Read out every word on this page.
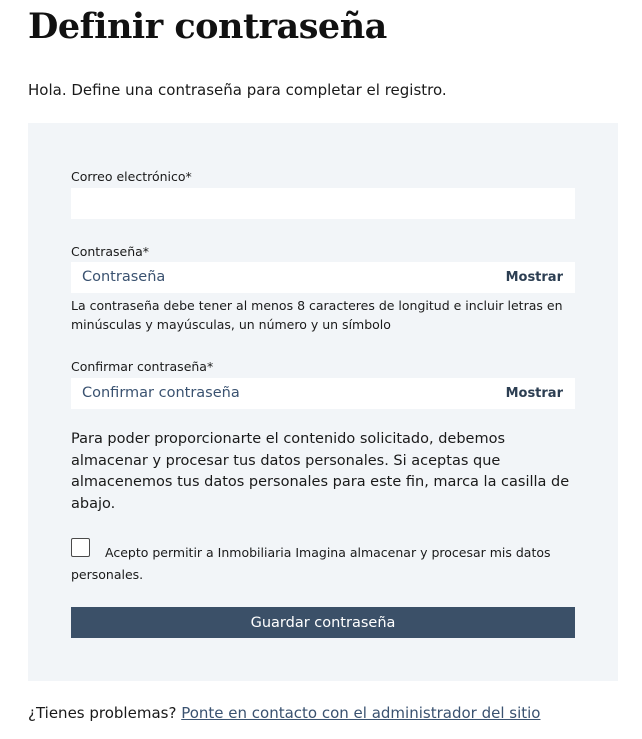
Definir contraseña

Hola. Define una contraseña para completar el registro.

Correo electrónico*
Contraseña*
Contraseña	Mostrar
La contraseña debe tener al menos 8 caracteres de longitud e incluir letras en minúsculas y mayúsculas, un número y un símbolo
Confirmar contraseña*
Confirmar contraseña	Mostrar
Para poder proporcionarte el contenido solicitado, debemos almacenar y procesar tus datos personales. Si aceptas que almacenemos tus datos personales para este fin, marca la casilla de abajo.
Acepto permitir a Inmobiliaria Imagina almacenar y procesar mis datos personales.
Guardar contraseña
¿Tienes problemas? Ponte en contacto con el administrador del sitio
